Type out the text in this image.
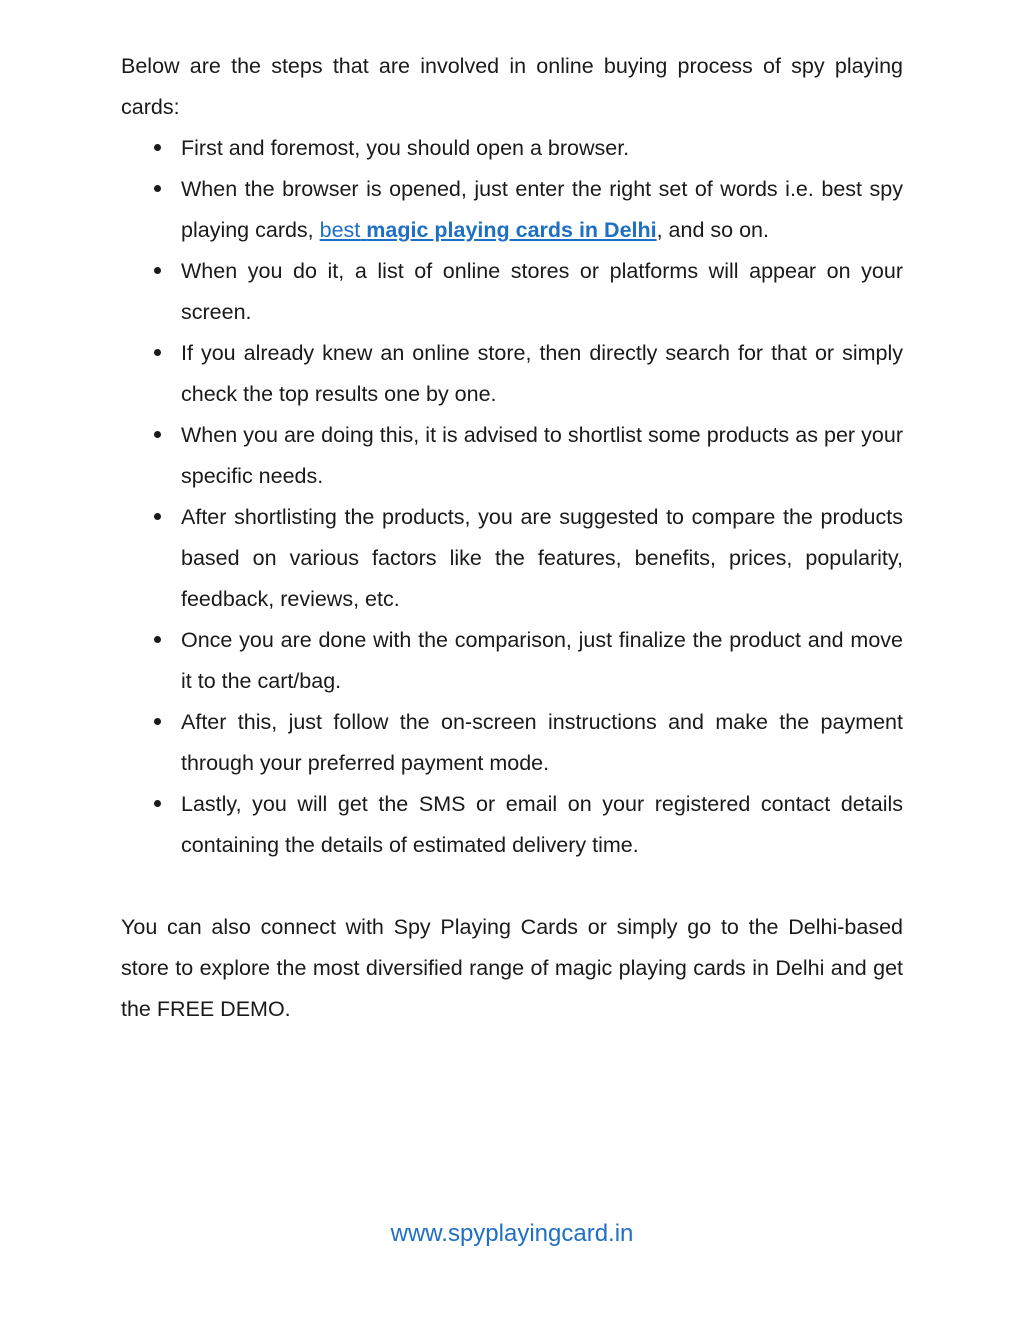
Below are the steps that are involved in online buying process of spy playing cards:

First and foremost, you should open a browser.
When the browser is opened, just enter the right set of words i.e. best spy playing cards, best magic playing cards in Delhi, and so on.
When you do it, a list of online stores or platforms will appear on your screen.
If you already knew an online store, then directly search for that or simply check the top results one by one.
When you are doing this, it is advised to shortlist some products as per your specific needs.
After shortlisting the products, you are suggested to compare the products based on various factors like the features, benefits, prices, popularity, feedback, reviews, etc.
Once you are done with the comparison, just finalize the product and move it to the cart/bag.
After this, just follow the on-screen instructions and make the payment through your preferred payment mode.
Lastly, you will get the SMS or email on your registered contact details containing the details of estimated delivery time.

You can also connect with Spy Playing Cards or simply go to the Delhi-based store to explore the most diversified range of magic playing cards in Delhi and get the FREE DEMO.

www.spyplayingcard.in
